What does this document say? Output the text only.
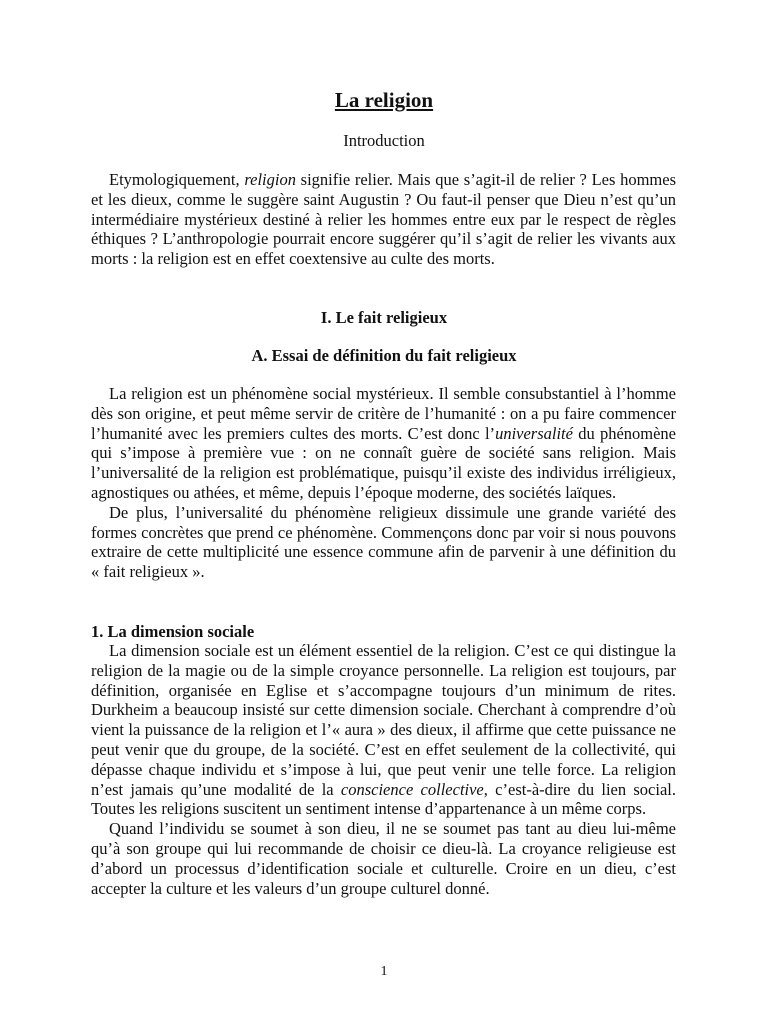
La religion
Introduction

Etymologiquement, religion signifie relier. Mais que s’agit-il de relier ? Les hommes et les dieux, comme le suggère saint Augustin ? Ou faut-il penser que Dieu n’est qu’un intermédiaire mystérieux destiné à relier les hommes entre eux par le respect de règles éthiques ? L’anthropologie pourrait encore suggérer qu’il s’agit de relier les vivants aux morts : la religion est en effet coextensive au culte des morts.

I. Le fait religieux
A. Essai de définition du fait religieux

La religion est un phénomène social mystérieux. Il semble consubstantiel à l’homme dès son origine, et peut même servir de critère de l’humanité : on a pu faire commencer l’humanité avec les premiers cultes des morts. C’est donc l’universalité du phénomène qui s’impose à première vue : on ne connaît guère de société sans religion. Mais l’universalité de la religion est problématique, puisqu’il existe des individus irréligieux, agnostiques ou athées, et même, depuis l’époque moderne, des sociétés laïques.

De plus, l’universalité du phénomène religieux dissimule une grande variété des formes concrètes que prend ce phénomène. Commençons donc par voir si nous pouvons extraire de cette multiplicité une essence commune afin de parvenir à une définition du « fait religieux ».

1. La dimension sociale

La dimension sociale est un élément essentiel de la religion. C’est ce qui distingue la religion de la magie ou de la simple croyance personnelle. La religion est toujours, par définition, organisée en Eglise et s’accompagne toujours d’un minimum de rites. Durkheim a beaucoup insisté sur cette dimension sociale. Cherchant à comprendre d’où vient la puissance de la religion et l’« aura » des dieux, il affirme que cette puissance ne peut venir que du groupe, de la société. C’est en effet seulement de la collectivité, qui dépasse chaque individu et s’impose à lui, que peut venir une telle force. La religion n’est jamais qu’une modalité de la conscience collective, c’est-à-dire du lien social. Toutes les religions suscitent un sentiment intense d’appartenance à un même corps.

Quand l’individu se soumet à son dieu, il ne se soumet pas tant au dieu lui-même qu’à son groupe qui lui recommande de choisir ce dieu-là. La croyance religieuse est d’abord un processus d’identification sociale et culturelle. Croire en un dieu, c’est accepter la culture et les valeurs d’un groupe culturel donné.

1
